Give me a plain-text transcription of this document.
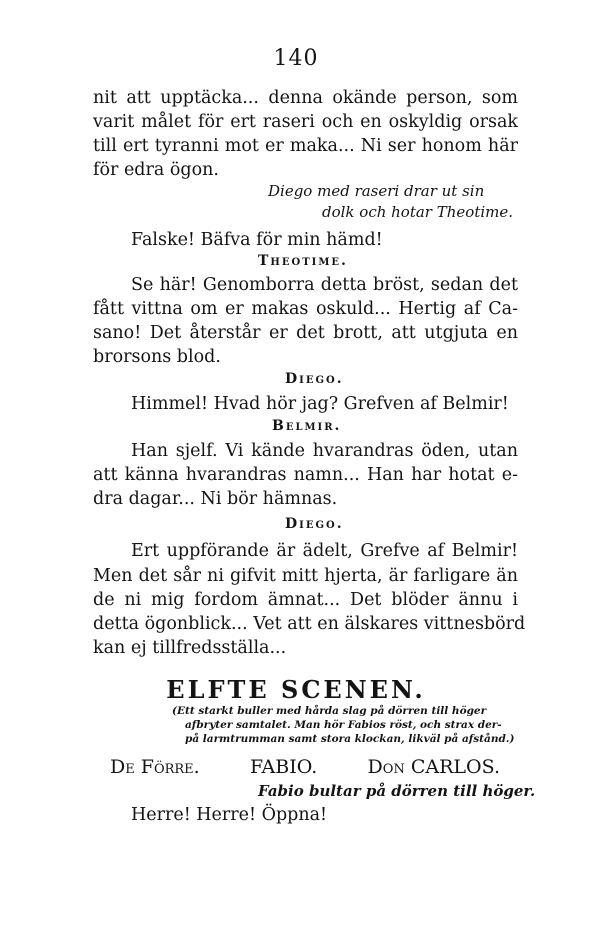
140
nit att upptäcka... denna okände person, som
varit målet för ert raseri och en oskyldig orsak
till ert tyranni mot er maka... Ni ser honom här
för edra ögon.
Diego med raseri drar ut sin
dolk och hotar Theotime.
Falske! Bäfva för min hämd!
Theotime.
Se här! Genomborra detta bröst, sedan det
fått vittna om er makas oskuld... Hertig af Ca-
sano! Det återstår er det brott, att utgjuta en
brorsons blod.
Diego.
Himmel! Hvad hör jag? Grefven af Belmir!
Belmir.
Han sjelf. Vi kände hvarandras öden, utan
att känna hvarandras namn... Han har hotat e-
dra dagar... Ni bör hämnas.
Diego.
Ert uppförande är ädelt, Grefve af Belmir!
Men det sår ni gifvit mitt hjerta, är farligare än
de ni mig fordom ämnat... Det blöder ännu i
detta ögonblick... Vet att en älskares vittnesbörd
kan ej tillfredsställa...
ELFTE SCENEN.
(Ett starkt buller med hårda slag på dörren till höger
afbryter samtalet. Man hör Fabios röst, och strax der-
på larmtrumman samt stora klockan, likväl på afstånd.)
De Förre.	FABIO.	Don CARLOS.
Fabio bultar på dörren till höger.
Herre! Herre! Öppna!
